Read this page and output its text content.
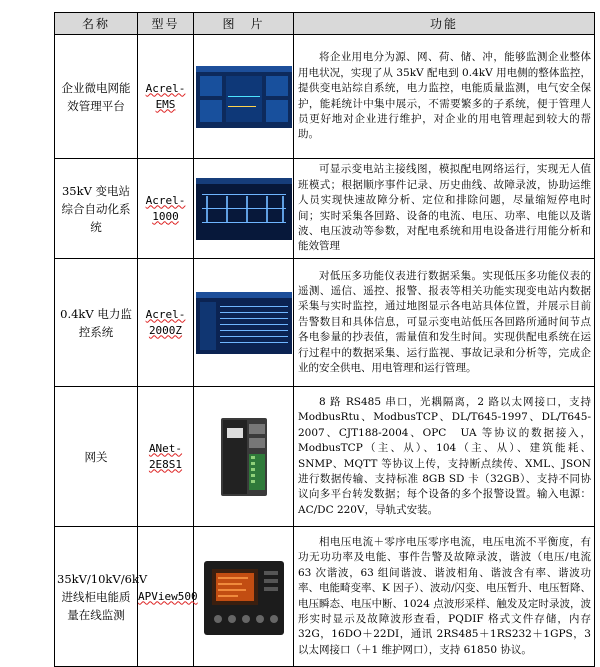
名称	型号	图　片	功能
企业微电网能效管理平台	Acrel-EMS		将企业用电分为源、网、荷、储、冲，能够监测企业整体用电状况，实现了从 35kV 配电到 0.4kV 用电侧的整体监控，提供变电站综自系统，电力监控，电能质量监测，电气安全保护，能耗统计中集中展示，不需要繁多的子系统，便于管理人员更好地对企业进行维护，对企业的用电管理起到较大的帮助。

35kV 变电站综合自动化系统	Acrel-1000		可显示变电站主接线图，模拟配电网络运行，实现无人值班模式；根据顺序事件记录、历史曲线、故障录波，协助运维人员实现快速故障分析、定位和排除问题，尽量缩短停电时间；实时采集各回路、设备的电流、电压、功率、电能以及谐波、电压波动等参数，对配电系统和用电设备进行用能分析和能效管理

0.4kV 电力监控系统	Acrel-2000Z		对低压多功能仪表进行数据采集。实现低压多功能仪表的遥测、遥信、遥控、报警、报表等相关功能实现变电站内数据采集与实时监控，通过地图显示各电站具体位置，并展示目前告警数目和具体信息，可显示变电站低压各回路所通时间节点各电参量的抄表值，需量值和发生时间。实现供配电系统在运行过程中的数据采集、运行监视、事故记录和分析等，完成企业的安全供电、用电管理和运行管理。

网关	ANet-2E8S1		8 路 RS485 串口，光耦隔离，2 路以太网接口，支持 ModbusRtu、ModbusTCP、DL/T645-1997、DL/T645-2007、CJT188-2004、OPC　UA 等协议的数据接入，ModbusTCP（主、从）、104（主、从）、建筑能耗、SNMP、MQTT 等协议上传，支持断点续传、XML、JSON 进行数据传输、支持标准 8GB SD 卡（32GB）、支持不同协议向多平台转发数据；每个设备的多个报警设置。输入电源：AC/DC 220V，导轨式安装。

35kV/10kV/6kV 进线柜电能质量在线监测	APView500		相电压电流＋零序电压零序电流，电压电流不平衡度，有功无功功率及电能、事件告警及故障录波，谐波（电压/电流 63 次谐波，63 组间谐波、谐波相角、谐波含有率、谐波功率、电能畸变率、K 因子）、波动/闪变、电压暂升、电压暂降、电压瞬态、电压中断、1024 点波形采样、触发及定时录波，波形实时显示及故障波形查看，PQDIF 格式文件存储，内存 32G，16DO＋22DI，通讯 2RS485＋1RS232＋1GPS，3 以太网接口（＋1 维护网口），支持 61850 协议。
